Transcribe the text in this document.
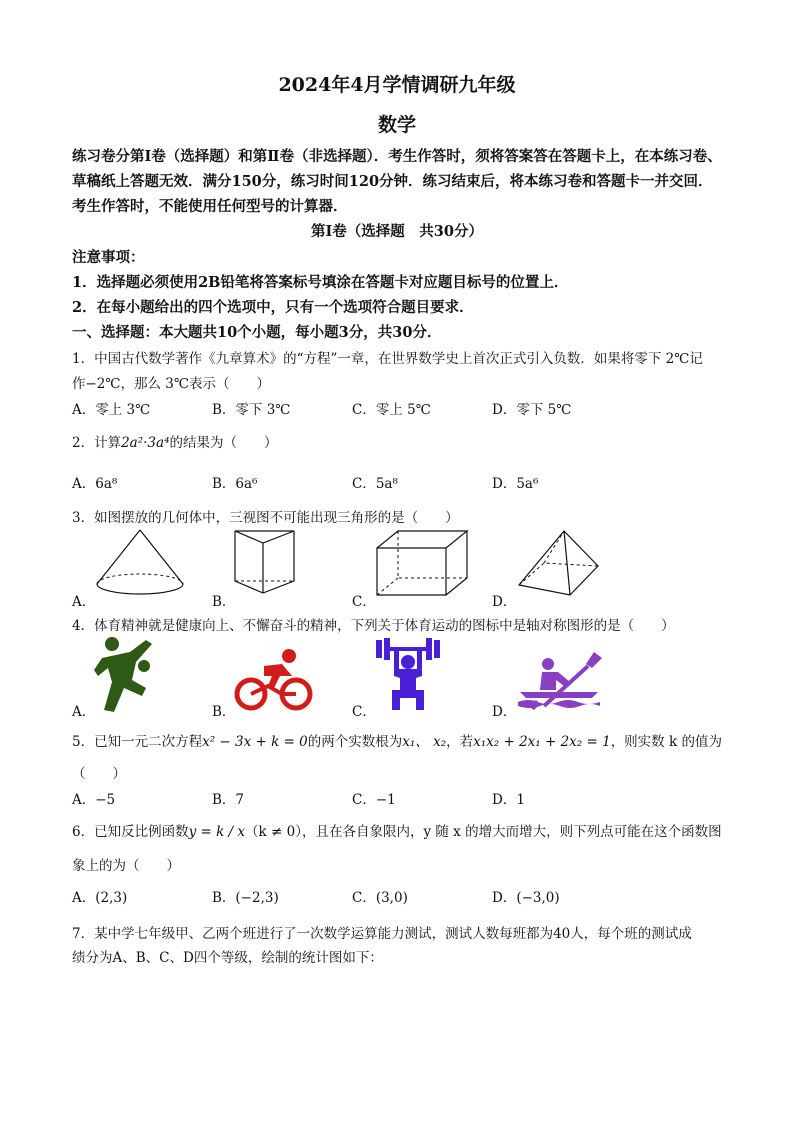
2024年4月学情调研九年级
数学
练习卷分第Ⅰ卷（选择题）和第Ⅱ卷（非选择题）．考生作答时，须将答案答在答题卡上，在本练习卷、草稿纸上答题无效．满分150分，练习时间120分钟．练习结束后，将本练习卷和答题卡一并交回．考生作答时，不能使用任何型号的计算器．
第Ⅰ卷（选择题　共30分）
注意事项：
1．选择题必须使用2B铅笔将答案标号填涂在答题卡对应题目标号的位置上．
2．在每小题给出的四个选项中，只有一个选项符合题目要求．
一、选择题：本大题共10个小题，每小题3分，共30分．
1．中国古代数学著作《九章算术》的“方程”一章，在世界数学史上首次正式引入负数．如果将零下 2℃记
作−2℃，那么 3℃表示（　　）
A．零上 3℃	B．零下 3℃	C．零上 5℃	D．零下 5℃
2．计算2a²·3a⁴的结果为（　　）
A．6a⁸	B．6a⁶	C．5a⁸	D．5a⁶
3．如图摆放的几何体中，三视图不可能出现三角形的是（　　）
A．	B．	C．	D．
4．体育精神就是健康向上、不懈奋斗的精神，下列关于体育运动的图标中是轴对称图形的是（　　）
A．	B．	C．	D．
5．已知一元二次方程x² − 3x + k = 0的两个实数根为x₁、 x₂，若x₁x₂ + 2x₁ + 2x₂ = 1，则实数 k 的值为
（　　）
A．−5	B．7	C．−1	D．1
6．已知反比例函数y = k / x（k ≠ 0），且在各自象限内，y 随 x 的增大而增大，则下列点可能在这个函数图
象上的为（　　）
A．(2,3)	B．(−2,3)	C．(3,0)	D．(−3,0)
7．某中学七年级甲、乙两个班进行了一次数学运算能力测试，测试人数每班都为40人，每个班的测试成
绩分为A、B、C、D四个等级，绘制的统计图如下：
